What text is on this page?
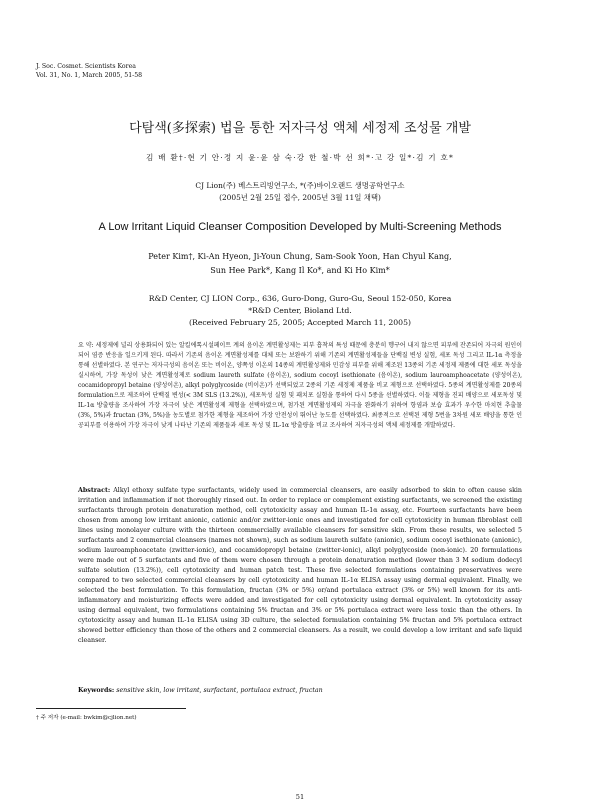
J. Soc. Cosmet. Scientists Korea
Vol. 31, No. 1, March 2005, 51-58
다탐색(多探索) 법을 통한 저자극성 액체 세정제 조성물 개발
김 배 환†·현 기 안·정 지 윤·윤 삼 숙·강 한 철·박 선 희*·고 강 일*·김 기 호*
CJ Lion(주) 베스트리빙연구소, *(주)바이오랜드 생명공학연구소
(2005년 2월 25일 접수, 2005년 3월 11일 채택)
A Low Irritant Liquid Cleanser Composition Developed by Multi-Screening Methods
Peter Kim†, Ki-An Hyeon, Ji-Youn Chung, Sam-Sook Yoon, Han Chyul Kang,
Sun Hee Park*, Kang Il Ko*, and Ki Ho Kim*
R&D Center, CJ LION Corp., 636, Guro-Dong, Guro-Gu, Seoul 152-050, Korea
*R&D Center, Bioland Ltd.
(Received February 25, 2005; Accepted March 11, 2005)
요 약: 세정제에 널리 상용화되어 있는 알킬에톡시설페이트 계의 음이온 계면활성제는 피부 흡착의 특성 때문에 충분히 헹구어 내지 않으면 피부에 잔존되어 자극의 원인이 되어 염증 반응을 일으키게 된다. 따라서 기존의 음이온 계면활성제를 대체 또는 보완하기 위해 기존의 계면활성제들을 단백질 변성 실험, 세포 독성 그리고 IL-1α 측정을 통해 선별하였다. 본 연구는 저자극성의 음이온 또는 비이온, 양쪽성 이온의 14종의 계면활성제와 민감성 피부를 위해 제조된 13종의 기존 세정제 제품에 대한 세포 독성을 실시하여, 가장 독성이 낮은 계면활성제로 sodium laureth sulfate (음이온), sodium cocoyl isethionate (음이온), sodium lauroamphoacetate (양성이온), cocamidopropyl betaine (양성이온), alkyl polyglycoside (비이온)가 선택되었고 2종의 기존 세정제 제품을 비교 제형으로 선택하였다. 5종의 계면활성제를 20종의 formulation으로 제조하여 단백질 변성(< 3M SLS (13.2%)), 세포독성 실험 및 패치포 실험을 통하여 다시 5종을 선별하였다. 이들 제형을 진피 배양으로 세포독성 및 IL-1α 방출량을 조사하여 가장 자극이 낮은 계면활성제 제형을 선택하였으며, 첨가된 계면활성제의 자극을 완화하기 위하여 항염과 보습 효과가 우수한 마치현 추출물(3%, 5%)과 fructan (3%, 5%)을 농도별로 첨가한 제형을 제조하여 가장 안전성이 뛰어난 농도를 선택하였다. 최종적으로 선택된 제형 5번을 3차원 세포 배양을 통한 인공피부를 이용하여 가장 자극이 낮게 나타난 기존의 제품들과 세포 독성 및 IL-1α 방출량을 비교 조사하여 저자극성의 액체 세정제를 개발하였다.
Abstract: Alkyl ethoxy sulfate type surfactants, widely used in commercial cleansers, are easily adsorbed to skin to often cause skin irritation and inflammation if not thoroughly rinsed out. In order to replace or complement existing surfactants, we screened the existing surfactants through protein denaturation method, cell cytotoxicity assay and human IL-1α assay, etc. Fourteen surfactants have been chosen from among low irritant anionic, cationic and/or zwitter-ionic ones and investigated for cell cytotoxicity in human fibroblast cell lines using monolayer culture with the thirteen commercially available cleansers for sensitive skin. From these results, we selected 5 surfactants and 2 commercial cleansers (names not shown), such as sodium laureth sulfate (anionic), sodium cocoyl isethionate (anionic), sodium lauroamphoacetate (zwitter-ionic), and cocamidopropyl betaine (zwitter-ionic), alkyl polyglycoside (non-ionic). 20 formulations were made out of 5 surfactants and five of them were chosen through a protein denaturation method (lower than 3 M sodium dodecyl sulfate solution (13.2%)), cell cytotoxicity and human patch test. These five selected formulations containing preservatives were compared to two selected commercial cleansers by cell cytotoxicity and human IL-1α ELISA assay using dermal equivalent. Finally, we selected the best formulation. To this formulation, fructan (3% or 5%) or/and portulaca extract (3% or 5%) well known for its anti-inflammatory and moisturizing effects were added and investigated for cell cytotoxicity using dermal equivalent. In cytotoxicity assay using dermal equivalent, two formulations containing 5% fructan and 3% or 5% portulaca extract were less toxic than the others. In cytotoxicity assay and human IL-1α ELISA using 3D culture, the selected formulation containing 5% fructan and 5% portulaca extract showed better efficiency than those of the others and 2 commercial cleansers. As a result, we could develop a low irritant and safe liquid cleanser.
Keywords: sensitive skin, low irritant, surfactant, portulaca extract, fructan
† 주 저자 (e-mail: bwkim@cjlion.net)
51
